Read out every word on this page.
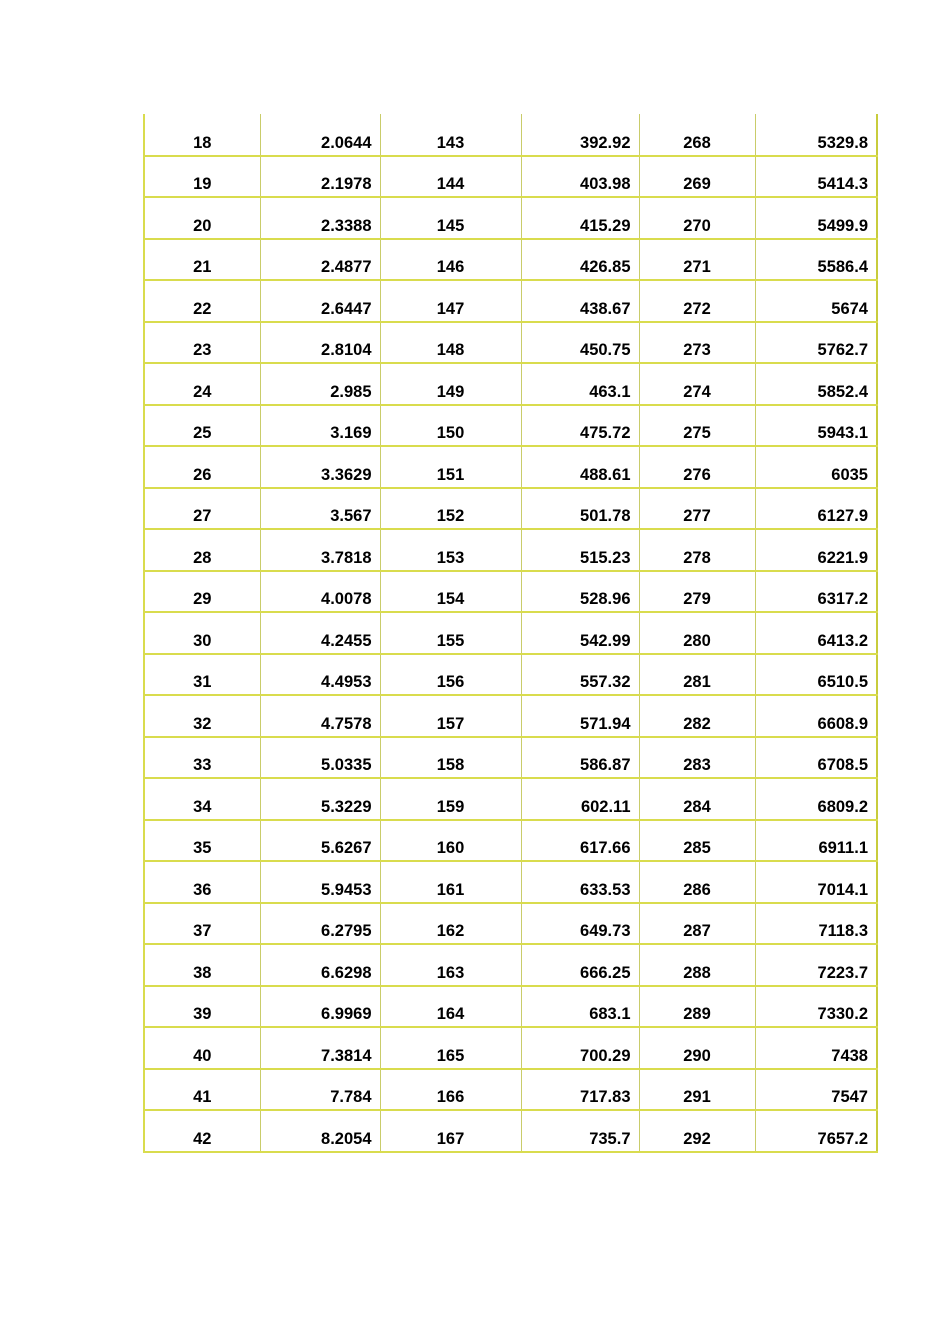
18	2.0644	143	392.92	268	5329.8
19	2.1978	144	403.98	269	5414.3
20	2.3388	145	415.29	270	5499.9
21	2.4877	146	426.85	271	5586.4
22	2.6447	147	438.67	272	5674
23	2.8104	148	450.75	273	5762.7
24	2.985	149	463.1	274	5852.4
25	3.169	150	475.72	275	5943.1
26	3.3629	151	488.61	276	6035
27	3.567	152	501.78	277	6127.9
28	3.7818	153	515.23	278	6221.9
29	4.0078	154	528.96	279	6317.2
30	4.2455	155	542.99	280	6413.2
31	4.4953	156	557.32	281	6510.5
32	4.7578	157	571.94	282	6608.9
33	5.0335	158	586.87	283	6708.5
34	5.3229	159	602.11	284	6809.2
35	5.6267	160	617.66	285	6911.1
36	5.9453	161	633.53	286	7014.1
37	6.2795	162	649.73	287	7118.3
38	6.6298	163	666.25	288	7223.7
39	6.9969	164	683.1	289	7330.2
40	7.3814	165	700.29	290	7438
41	7.784	166	717.83	291	7547
42	8.2054	167	735.7	292	7657.2
